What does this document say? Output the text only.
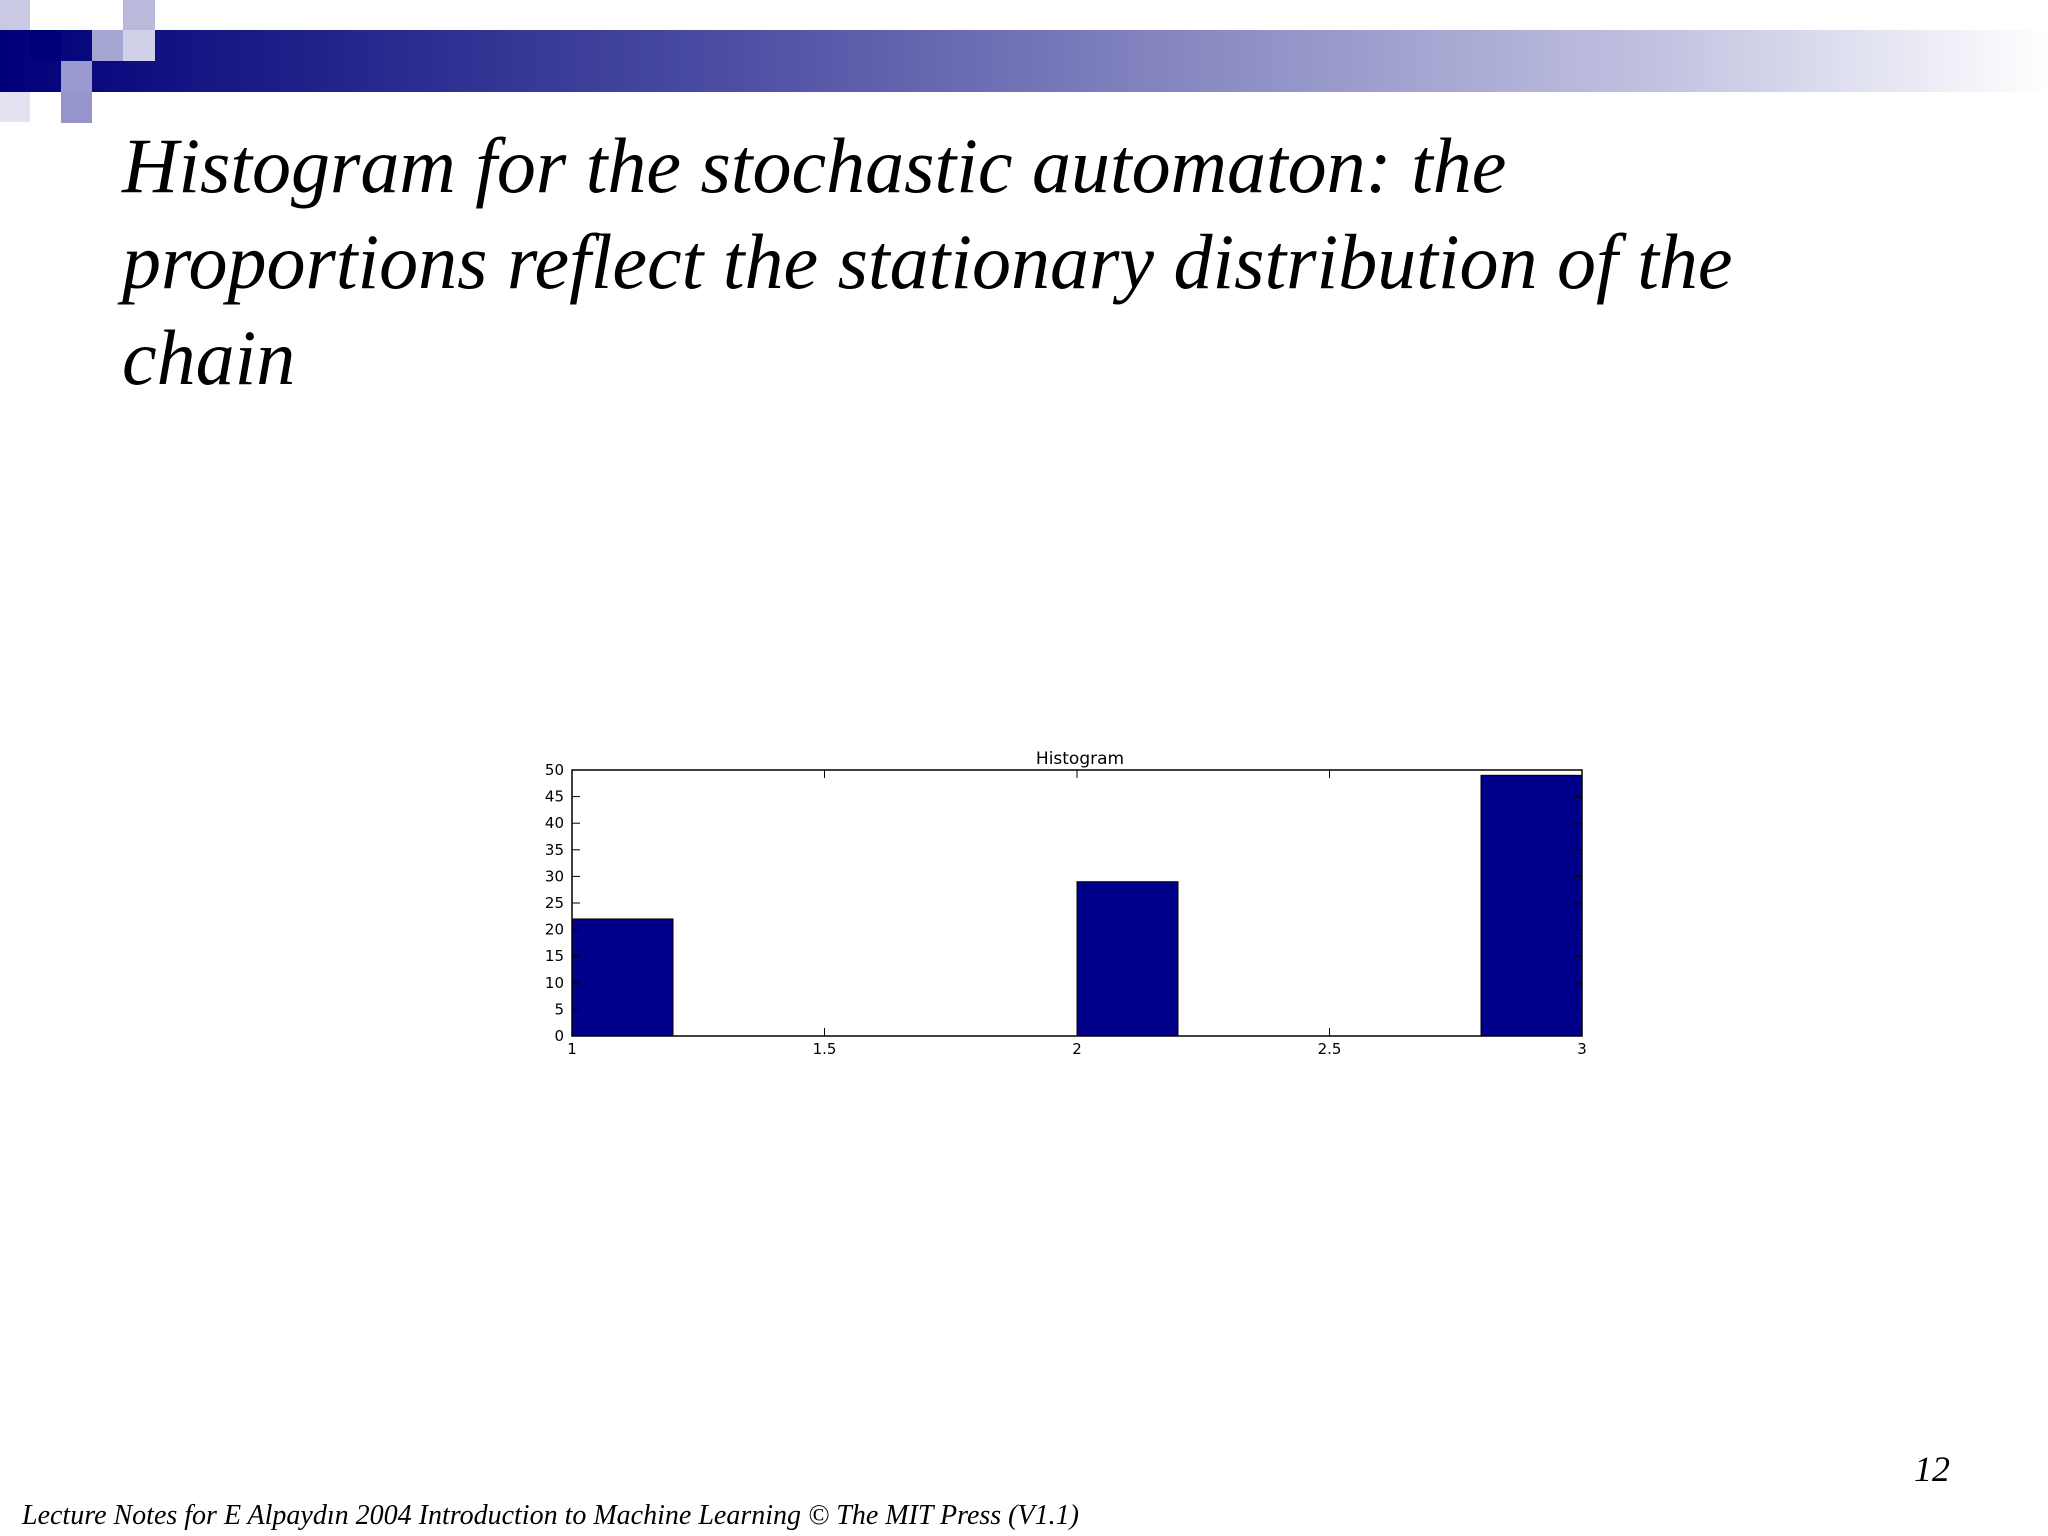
Histogram for the stochastic automaton: the
proportions reflect the stationary distribution of the
chain
Histogram
0
5
10
15
20
25
30
35
40
45
50
1	1.5	2	2.5	3
Lecture Notes for E Alpaydın 2004 Introduction to Machine Learning © The MIT Press (V1.1)
12
